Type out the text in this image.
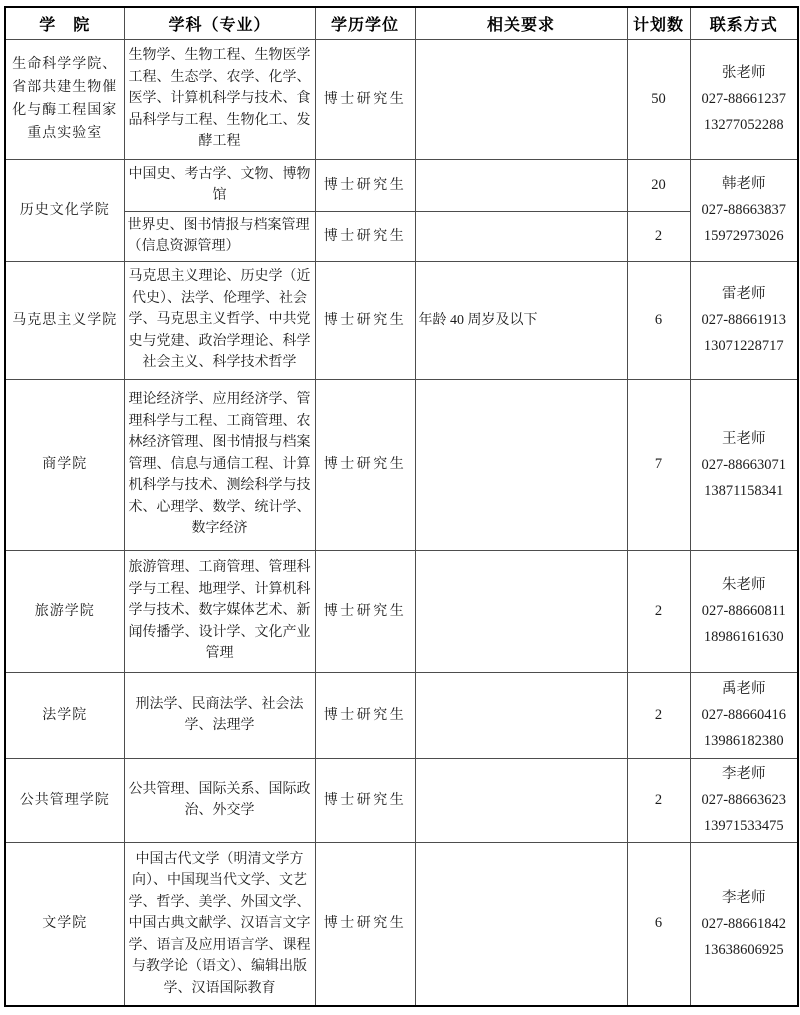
学　院	学科（专业）	学历学位	相关要求	计划数	联系方式
生命科学学院、省部共建生物催化与酶工程国家重点实验室	生物学、生物工程、生物医学工程、生态学、农学、化学、医学、计算机科学与技术、食品科学与工程、生物化工、发酵工程	博士研究生		50	张老师
027-88661237
13277052288

历史文化学院	中国史、考古学、文物、博物馆	博士研究生		20	韩老师
027-88663837
15972973026

	世界史、图书情报与档案管理（信息资源管理）	博士研究生		2	
马克思主义学院	马克思主义理论、历史学（近代史）、法学、伦理学、社会学、马克思主义哲学、中共党史与党建、政治学理论、科学社会主义、科学技术哲学	博士研究生	年龄 40 周岁及以下	6	雷老师
027-88661913
13071228717

商学院	理论经济学、应用经济学、管理科学与工程、工商管理、农林经济管理、图书情报与档案管理、信息与通信工程、计算机科学与技术、测绘科学与技术、心理学、数学、统计学、数字经济	博士研究生		7	王老师
027-88663071
13871158341

旅游学院	旅游管理、工商管理、管理科学与工程、地理学、计算机科学与技术、数字媒体艺术、新闻传播学、设计学、文化产业管理	博士研究生		2	朱老师
027-88660811
18986161630

法学院	刑法学、民商法学、社会法学、法理学	博士研究生		2	禹老师
027-88660416
13986182380

公共管理学院	公共管理、国际关系、国际政治、外交学	博士研究生		2	李老师
027-88663623
13971533475

文学院	中国古代文学（明清文学方向）、中国现当代文学、文艺学、哲学、美学、外国文学、中国古典文献学、汉语言文字学、语言及应用语言学、课程与教学论（语文）、编辑出版学、汉语国际教育	博士研究生		6	李老师
027-88661842
13638606925
